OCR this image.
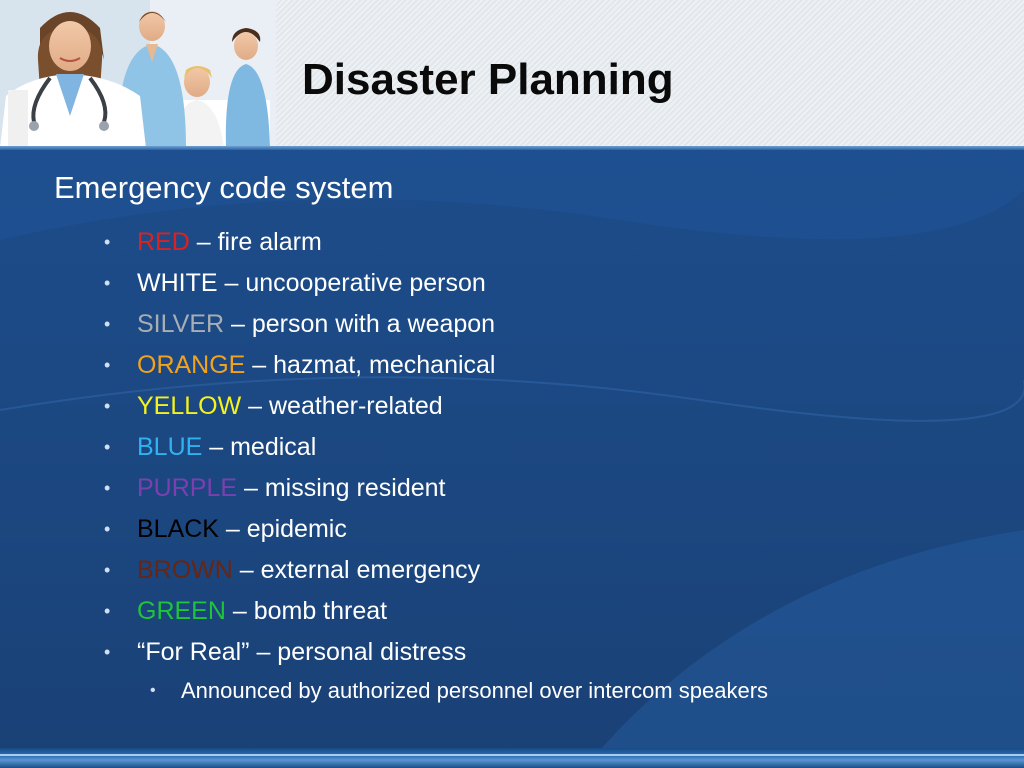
Disaster Planning
Emergency code system
• RED – fire alarm
• WHITE – uncooperative person
• SILVER – person with a weapon
• ORANGE – hazmat, mechanical
• YELLOW – weather-related
• BLUE – medical
• PURPLE – missing resident
• BLACK – epidemic
• BROWN – external emergency
• GREEN – bomb threat
• “For Real” – personal distress
• Announced by authorized personnel over intercom speakers
